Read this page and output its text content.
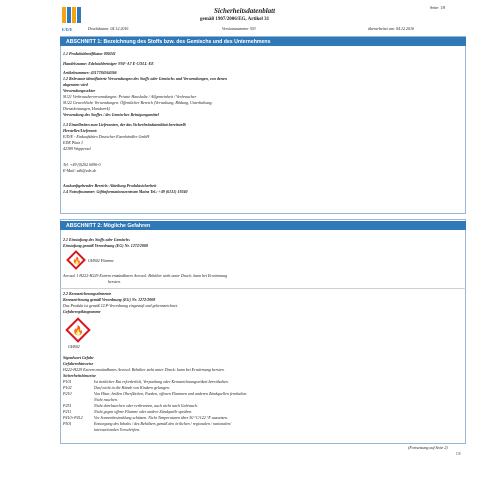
E/D/E
Seite: 1/8
Sicherheitsdatenblatt
gemäß 1907/2006/EG, Artikel 31
Druckdatum: 04.12.2016	Versionsnummer 303	überarbeitet am: 04.12.2016
ABSCHNITT 1: Bezeichnung des Stoffs bzw. des Gemischs und des Unternehmens
1.1 Produktidentifikator 000241
Handelsname: Edelstahlreiniger NSF-A7 E-COLL-EE
Artikelnummer: 4317784564366
1.2 Relevante identifizierte Verwendungen des Stoffs oder Gemischs und Verwendungen, von denen
abgeraten wird
Verwendungssektor
SU21 Verbraucherverwendungen: Private Haushalte / Allgemeinheit / Verbraucher
SU22 Gewerbliche Verwendungen: Öffentlicher Bereich (Verwaltung, Bildung, Unterhaltung,
Dienstleistungen, Handwerk)
Verwendung des Stoffes / des Gemisches Reinigungsmittel
1.3 Einzelheiten zum Lieferanten, der das Sicherheitsdatenblatt bereitstellt
Hersteller/Lieferant:
E/D/E - Einkaufsbüro Deutscher Eisenhändler GmbH
EDE Platz 1
42389 Wuppertal
Tel. +49 (0)202 6096-0
E-Mail: sdb@ede.de
Auskunftgebender Bereich: Abteilung Produktsicherheit
1.4 Notrufnummer: Giftinformationszentrum Mainz Tel.: +49 (6131) 19240
ABSCHNITT 2: Mögliche Gefahren
2.1 Einstufung des Stoffs oder Gemischs
Einstufung gemäß Verordnung (EG) Nr. 1272/2008
🔥 GHS02 Flamme
Aerosol 1 H222-H229 Extrem entzündbares Aerosol. Behälter steht unter Druck: kann bei Erwärmung
bersten.
2.2 Kennzeichnungselemente
Kennzeichnung gemäß Verordnung (EG) Nr. 1272/2008
Das Produkt ist gemäß CLP-Verordnung eingestuft und gekennzeichnet.
Gefahrenpiktogramme
🔥
GHS02
Signalwort Gefahr
Gefahrenhinweise
H222-H229 Extrem entzündbares Aerosol. Behälter steht unter Druck: kann bei Erwärmung bersten.
Sicherheitshinweise
P101	Ist ärztlicher Rat erforderlich, Verpackung oder Kennzeichnungsetikett bereithalten.
P102	Darf nicht in die Hände von Kindern gelangen.
P210	Von Hitze, heißen Oberflächen, Funken, offenen Flammen und anderen Zündquellen fernhalten.
Nicht rauchen.
P251	Nicht durchstechen oder verbrennen, auch nicht nach Gebrauch.
P211	Nicht gegen offene Flamme oder andere Zündquelle sprühen.
P410+P412	Vor Sonnenbestrahlung schützen. Nicht Temperaturen über 50 °C/122 °F aussetzen.
P501	Entsorgung des Inhalts / des Behälters gemäß den örtlichen / regionalen / nationalen/
internationalen Vorschriften.
(Fortsetzung auf Seite 2)
DE
